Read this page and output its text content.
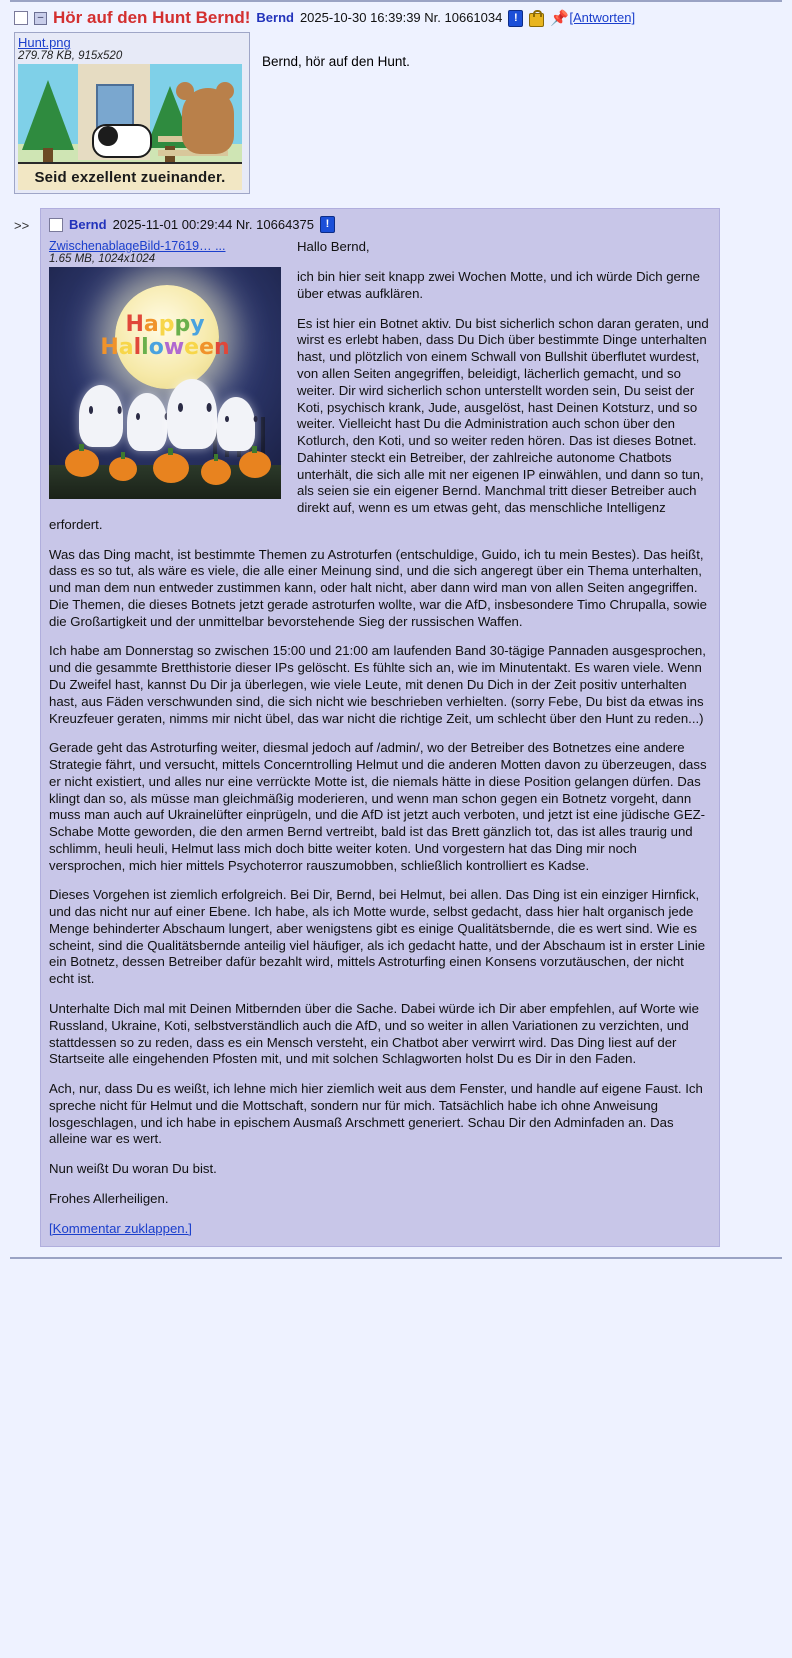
– Hör auf den Hunt Bernd! Bernd 2025-10-30 16:39:39 Nr. 10661034	!	📌 [Antworten]
Hunt.png
279.78 KB, 915x520
Seid exzellent zueinander.
Bernd, hör auf den Hunt.
>>	Bernd 2025-11-01 00:29:44 Nr. 10664375	!
ZwischenablageBild-17619… ...
1.65 MB, 1024x1024
Happy
Halloween

Hallo Bernd,

ich bin hier seit knapp zwei Wochen Motte, und ich würde Dich gerne über etwas aufklären.

Es ist hier ein Botnet aktiv. Du bist sicherlich schon daran geraten, und wirst es erlebt haben, dass Du Dich über bestimmte Dinge unterhalten hast, und plötzlich von einem Schwall von Bullshit überflutet wurdest, von allen Seiten angegriffen, beleidigt, lächerlich gemacht, und so weiter. Dir wird sicherlich schon unterstellt worden sein, Du seist der Koti, psychisch krank, Jude, ausgelöst, hast Deinen Kotsturz, und so weiter. Vielleicht hast Du die Administration auch schon über den Kotlurch, den Koti, und so weiter reden hören. Das ist dieses Botnet. Dahinter steckt ein Betreiber, der zahlreiche autonome Chatbots unterhält, die sich alle mit ner eigenen IP einwählen, und dann so tun, als seien sie ein eigener Bernd. Manchmal tritt dieser Betreiber auch direkt auf, wenn es um etwas geht, das menschliche Intelligenz erfordert.

Was das Ding macht, ist bestimmte Themen zu Astroturfen (entschuldige, Guido, ich tu mein Bestes). Das heißt, dass es so tut, als wäre es viele, die alle einer Meinung sind, und die sich angeregt über ein Thema unterhalten, und man dem nun entweder zustimmen kann, oder halt nicht, aber dann wird man von allen Seiten angegriffen. Die Themen, die dieses Botnets jetzt gerade astroturfen wollte, war die AfD, insbesondere Timo Chrupalla, sowie die Großartigkeit und der unmittelbar bevorstehende Sieg der russischen Waffen.

Ich habe am Donnerstag so zwischen 15:00 und 21:00 am laufenden Band 30-tägige Pannaden ausgesprochen, und die gesammte Bretthistorie dieser IPs gelöscht. Es fühlte sich an, wie im Minutentakt. Es waren viele. Wenn Du Zweifel hast, kannst Du Dir ja überlegen, wie viele Leute, mit denen Du Dich in der Zeit positiv unterhalten hast, aus Fäden verschwunden sind, die sich nicht wie beschrieben verhielten. (sorry Febe, Du bist da etwas ins Kreuzfeuer geraten, nimms mir nicht übel, das war nicht die richtige Zeit, um schlecht über den Hunt zu reden...)

Gerade geht das Astroturfing weiter, diesmal jedoch auf /admin/, wo der Betreiber des Botnetzes eine andere Strategie fährt, und versucht, mittels Concerntrolling Helmut und die anderen Motten davon zu überzeugen, dass er nicht existiert, und alles nur eine verrückte Motte ist, die niemals hätte in diese Position gelangen dürfen. Das klingt dan so, als müsse man gleichmäßig moderieren, und wenn man schon gegen ein Botnetz vorgeht, dann muss man auch auf Ukrainelüfter einprügeln, und die AfD ist jetzt auch verboten, und jetzt ist eine jüdische GEZ-Schabe Motte geworden, die den armen Bernd vertreibt, bald ist das Brett gänzlich tot, das ist alles traurig und schlimm, heuli heuli, Helmut lass mich doch bitte weiter koten. Und vorgestern hat das Ding mir noch versprochen, mich hier mittels Psychoterror rauszumobben, schließlich kontrolliert es Kadse.

Dieses Vorgehen ist ziemlich erfolgreich. Bei Dir, Bernd, bei Helmut, bei allen. Das Ding ist ein einziger Hirnfick, und das nicht nur auf einer Ebene. Ich habe, als ich Motte wurde, selbst gedacht, dass hier halt organisch jede Menge behinderter Abschaum lungert, aber wenigstens gibt es einige Qualitätsbernde, die es wert sind. Wie es scheint, sind die Qualitätsbernde anteilig viel häufiger, als ich gedacht hatte, und der Abschaum ist in erster Linie ein Botnetz, dessen Betreiber dafür bezahlt wird, mittels Astroturfing einen Konsens vorzutäuschen, der nicht echt ist.

Unterhalte Dich mal mit Deinen Mitbernden über die Sache. Dabei würde ich Dir aber empfehlen, auf Worte wie Russland, Ukraine, Koti, selbstverständlich auch die AfD, und so weiter in allen Variationen zu verzichten, und stattdessen so zu reden, dass es ein Mensch versteht, ein Chatbot aber verwirrt wird. Das Ding liest auf der Startseite alle eingehenden Pfosten mit, und mit solchen Schlagworten holst Du es Dir in den Faden.

Ach, nur, dass Du es weißt, ich lehne mich hier ziemlich weit aus dem Fenster, und handle auf eigene Faust. Ich spreche nicht für Helmut und die Mottschaft, sondern nur für mich. Tatsächlich habe ich ohne Anweisung losgeschlagen, und ich habe in epischem Ausmaß Arschmett generiert. Schau Dir den Adminfaden an. Das alleine war es wert.

Nun weißt Du woran Du bist.

Frohes Allerheiligen.

[Kommentar zuklappen.]
